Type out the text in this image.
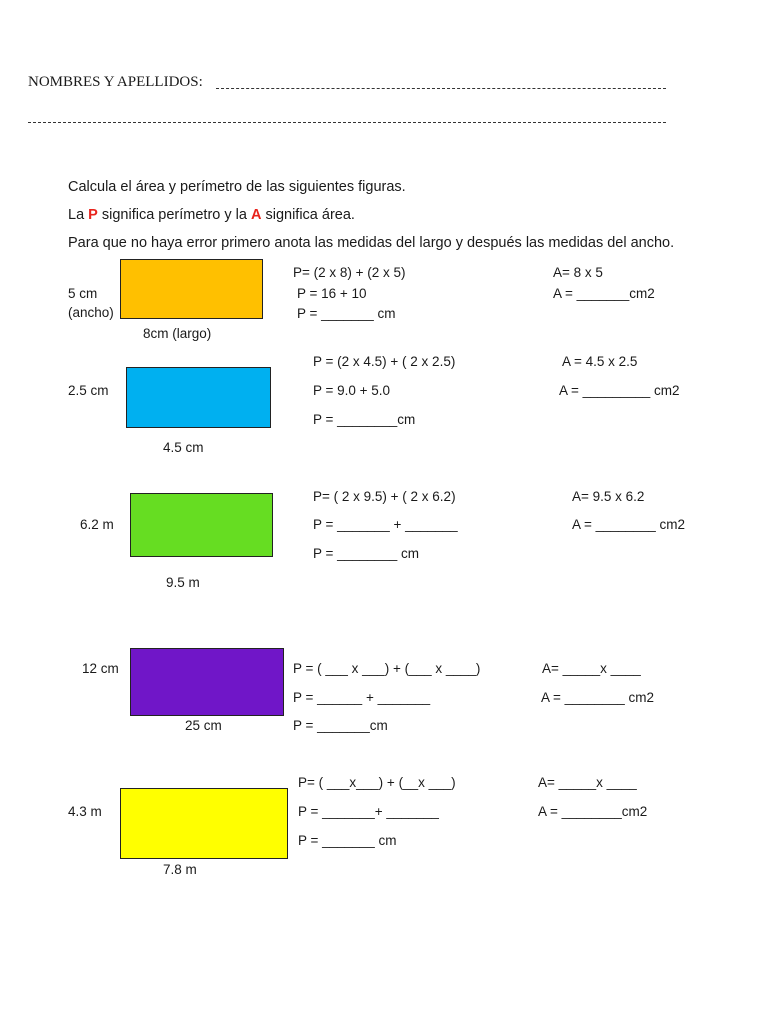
NOMBRES Y APELLIDOS:
Calcula el área y perímetro de las siguientes figuras.
La P significa perímetro y la A significa área.
Para que no haya error primero anota las medidas del largo y después las medidas del ancho.
5 cm
(ancho)
8cm (largo)
P= (2 x 8) + (2 x 5)
P = 16 + 10
P = _______ cm
A= 8 x 5
A = _______cm2
2.5 cm
4.5 cm
P = (2 x 4.5) + ( 2 x 2.5)
P = 9.0 + 5.0
P = ________cm
A = 4.5 x 2.5
A = _________ cm2
6.2 m
9.5 m
P= ( 2 x 9.5) + ( 2 x 6.2)
P = _______ + _______
P = ________ cm
A= 9.5 x 6.2
A = ________ cm2
12 cm
25 cm
P = ( ___ x ___) + (___ x ____)
P = ______ + _______
P = _______cm
A= _____x ____
A = ________ cm2
4.3 m
7.8 m
P= ( ___x___) + (__x ___)
P = _______+ _______
P = _______ cm
A= _____x ____
A = ________cm2
